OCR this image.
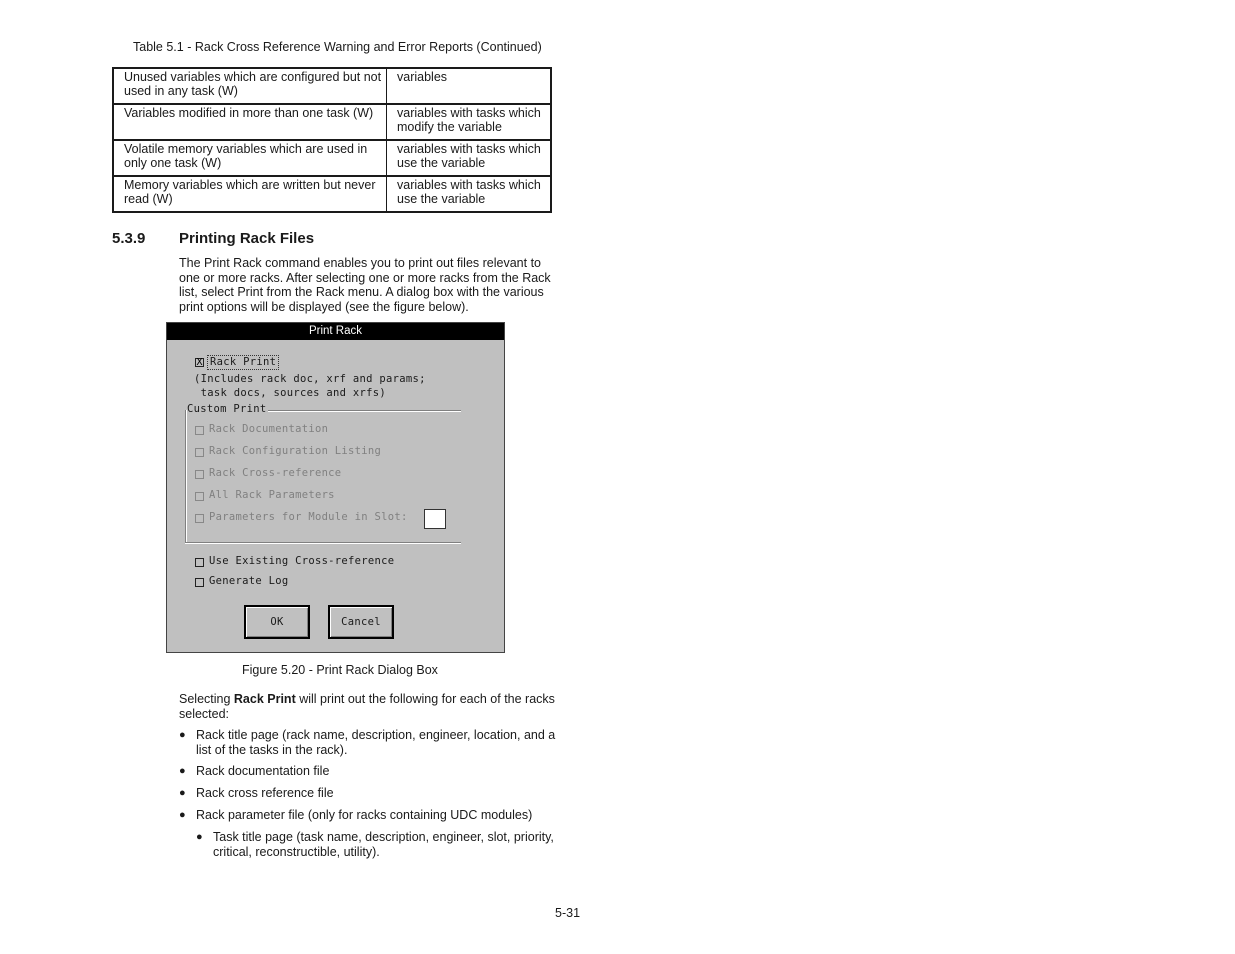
Table 5.1 - Rack Cross Reference Warning and Error Reports (Continued)
Unused variables which are configured but not used in any task (W)	variables
Variables modified in more than one task (W)	variables with tasks which modify the variable
Volatile memory variables which are used in only one task (W)	variables with tasks which use the variable
Memory variables which are written but never read (W)	variables with tasks which use the variable
5.3.9 Printing Rack Files
The Print Rack command enables you to print out files relevant to one or more racks. After selecting one or more racks from the Rack list, select Print from the Rack menu. A dialog box with the various print options will be displayed (see the figure below).
Print Rack
X Rack Print
(Includes rack doc, xrf and params;
task docs, sources and xrfs)
Custom Print
Rack Documentation
Rack Configuration Listing
Rack Cross-reference
All Rack Parameters
Parameters for Module in Slot:
Use Existing Cross-reference
Generate Log
OK	Cancel
Figure 5.20 - Print Rack Dialog Box
Selecting Rack Print will print out the following for each of the racks selected:
● Rack title page (rack name, description, engineer, location, and a list of the tasks in the rack).
● Rack documentation file
● Rack cross reference file
● Rack parameter file (only for racks containing UDC modules)
● Task title page (task name, description, engineer, slot, priority, critical, reconstructible, utility).
5-31
